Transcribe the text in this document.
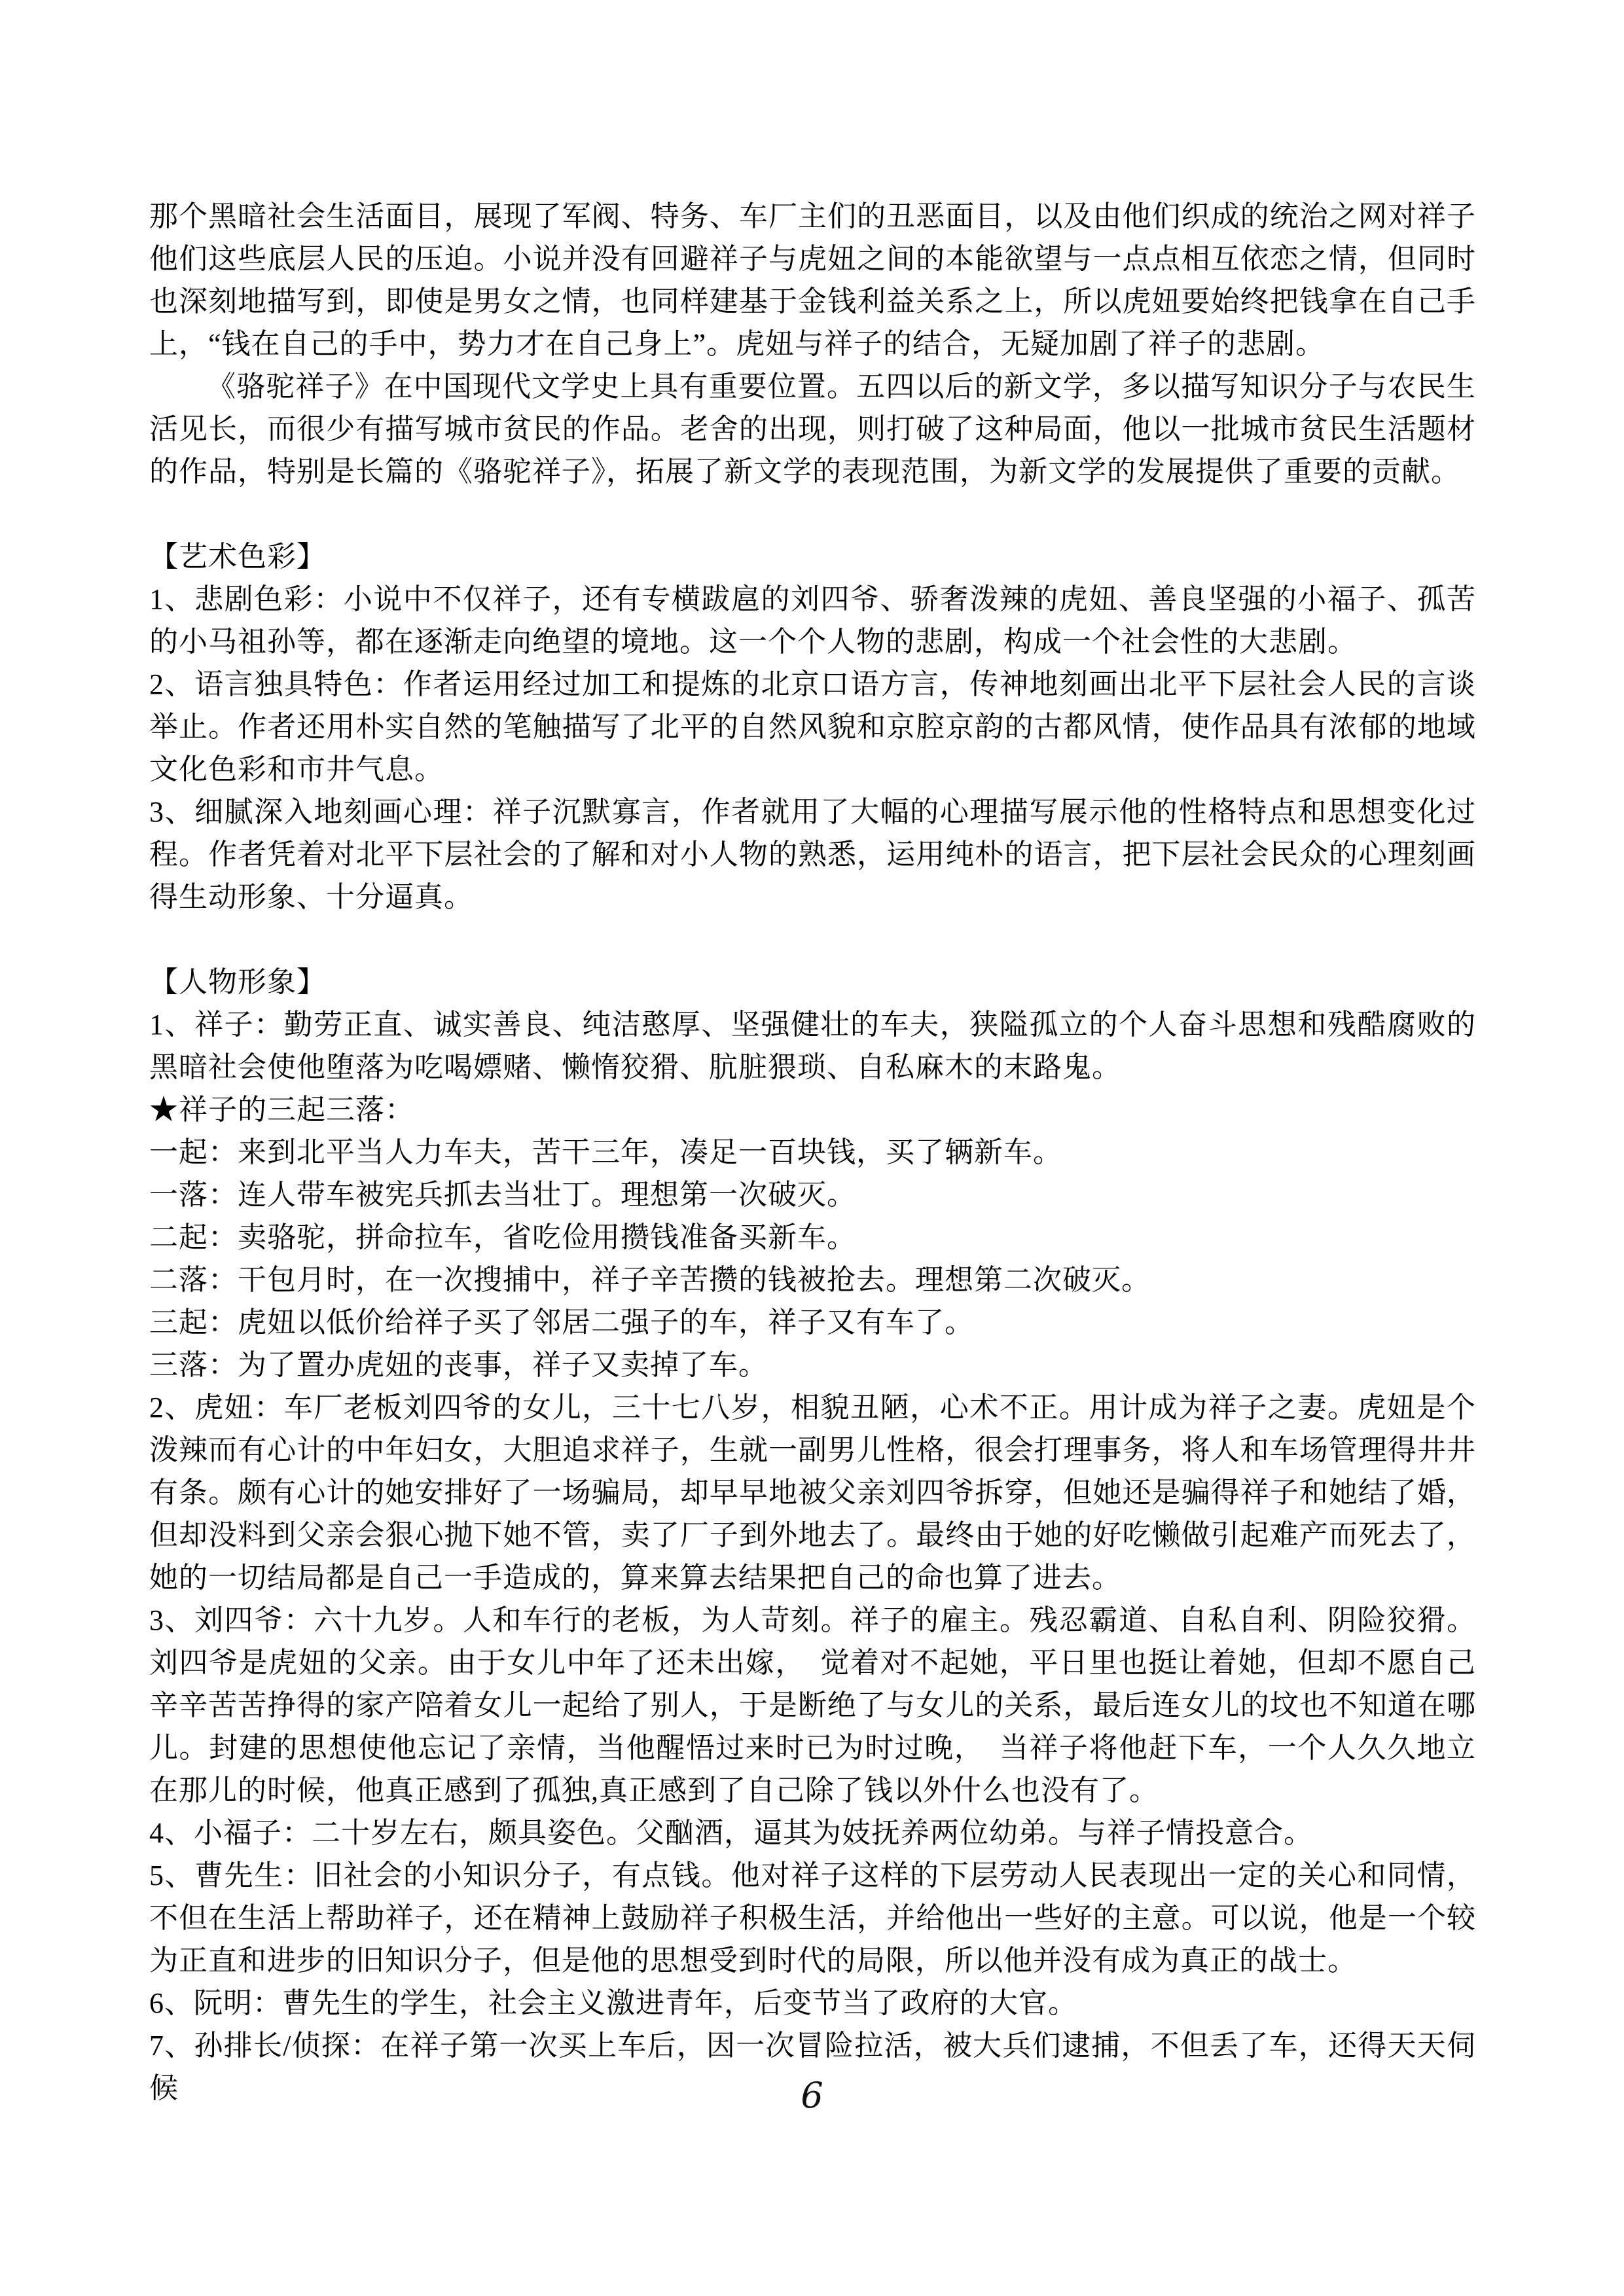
那个黑暗社会生活面目，展现了军阀、特务、车厂主们的丑恶面目，以及由他们织成的统治之网对祥子他们这些底层人民的压迫。小说并没有回避祥子与虎妞之间的本能欲望与一点点相互依恋之情，但同时也深刻地描写到，即使是男女之情，也同样建基于金钱利益关系之上，所以虎妞要始终把钱拿在自己手上，“钱在自己的手中，势力才在自己身上”。虎妞与祥子的结合，无疑加剧了祥子的悲剧。

《骆驼祥子》在中国现代文学史上具有重要位置。五四以后的新文学，多以描写知识分子与农民生活见长，而很少有描写城市贫民的作品。老舍的出现，则打破了这种局面，他以一批城市贫民生活题材的作品，特别是长篇的《骆驼祥子》，拓展了新文学的表现范围，为新文学的发展提供了重要的贡献。

【艺术色彩】

1、悲剧色彩：小说中不仅祥子，还有专横跋扈的刘四爷、骄奢泼辣的虎妞、善良坚强的小福子、孤苦的小马祖孙等，都在逐渐走向绝望的境地。这一个个人物的悲剧，构成一个社会性的大悲剧。

2、语言独具特色：作者运用经过加工和提炼的北京口语方言，传神地刻画出北平下层社会人民的言谈举止。作者还用朴实自然的笔触描写了北平的自然风貌和京腔京韵的古都风情，使作品具有浓郁的地域文化色彩和市井气息。

3、细腻深入地刻画心理：祥子沉默寡言，作者就用了大幅的心理描写展示他的性格特点和思想变化过程。作者凭着对北平下层社会的了解和对小人物的熟悉，运用纯朴的语言，把下层社会民众的心理刻画得生动形象、十分逼真。

【人物形象】

1、祥子：勤劳正直、诚实善良、纯洁憨厚、坚强健壮的车夫，狭隘孤立的个人奋斗思想和残酷腐败的黑暗社会使他堕落为吃喝嫖赌、懒惰狡猾、肮脏猥琐、自私麻木的末路鬼。

★祥子的三起三落：

一起：来到北平当人力车夫，苦干三年，凑足一百块钱，买了辆新车。

一落：连人带车被宪兵抓去当壮丁。理想第一次破灭。

二起：卖骆驼，拼命拉车，省吃俭用攒钱准备买新车。

二落：干包月时，在一次搜捕中，祥子辛苦攒的钱被抢去。理想第二次破灭。

三起：虎妞以低价给祥子买了邻居二强子的车，祥子又有车了。

三落：为了置办虎妞的丧事，祥子又卖掉了车。

2、虎妞：车厂老板刘四爷的女儿，三十七八岁，相貌丑陋，心术不正。用计成为祥子之妻。虎妞是个泼辣而有心计的中年妇女，大胆追求祥子，生就一副男儿性格，很会打理事务，将人和车场管理得井井有条。颇有心计的她安排好了一场骗局，却早早地被父亲刘四爷拆穿，但她还是骗得祥子和她结了婚，但却没料到父亲会狠心抛下她不管，卖了厂子到外地去了。最终由于她的好吃懒做引起难产而死去了，她的一切结局都是自己一手造成的，算来算去结果把自己的命也算了进去。

3、刘四爷：六十九岁。人和车行的老板，为人苛刻。祥子的雇主。残忍霸道、自私自利、阴险狡猾。刘四爷是虎妞的父亲。由于女儿中年了还未出嫁，　觉着对不起她，平日里也挺让着她，但却不愿自己辛辛苦苦挣得的家产陪着女儿一起给了别人，于是断绝了与女儿的关系，最后连女儿的坟也不知道在哪儿。封建的思想使他忘记了亲情，当他醒悟过来时已为时过晚，　当祥子将他赶下车，一个人久久地立在那儿的时候，他真正感到了孤独,真正感到了自己除了钱以外什么也没有了。

4、小福子：二十岁左右，颇具姿色。父酗酒，逼其为妓抚养两位幼弟。与祥子情投意合。

5、曹先生：旧社会的小知识分子，有点钱。他对祥子这样的下层劳动人民表现出一定的关心和同情，不但在生活上帮助祥子，还在精神上鼓励祥子积极生活，并给他出一些好的主意。可以说，他是一个较为正直和进步的旧知识分子，但是他的思想受到时代的局限，所以他并没有成为真正的战士。

6、阮明：曹先生的学生，社会主义激进青年，后变节当了政府的大官。

7、孙排长/侦探：在祥子第一次买上车后，因一次冒险拉活，被大兵们逮捕，不但丢了车，还得天天伺候	6
